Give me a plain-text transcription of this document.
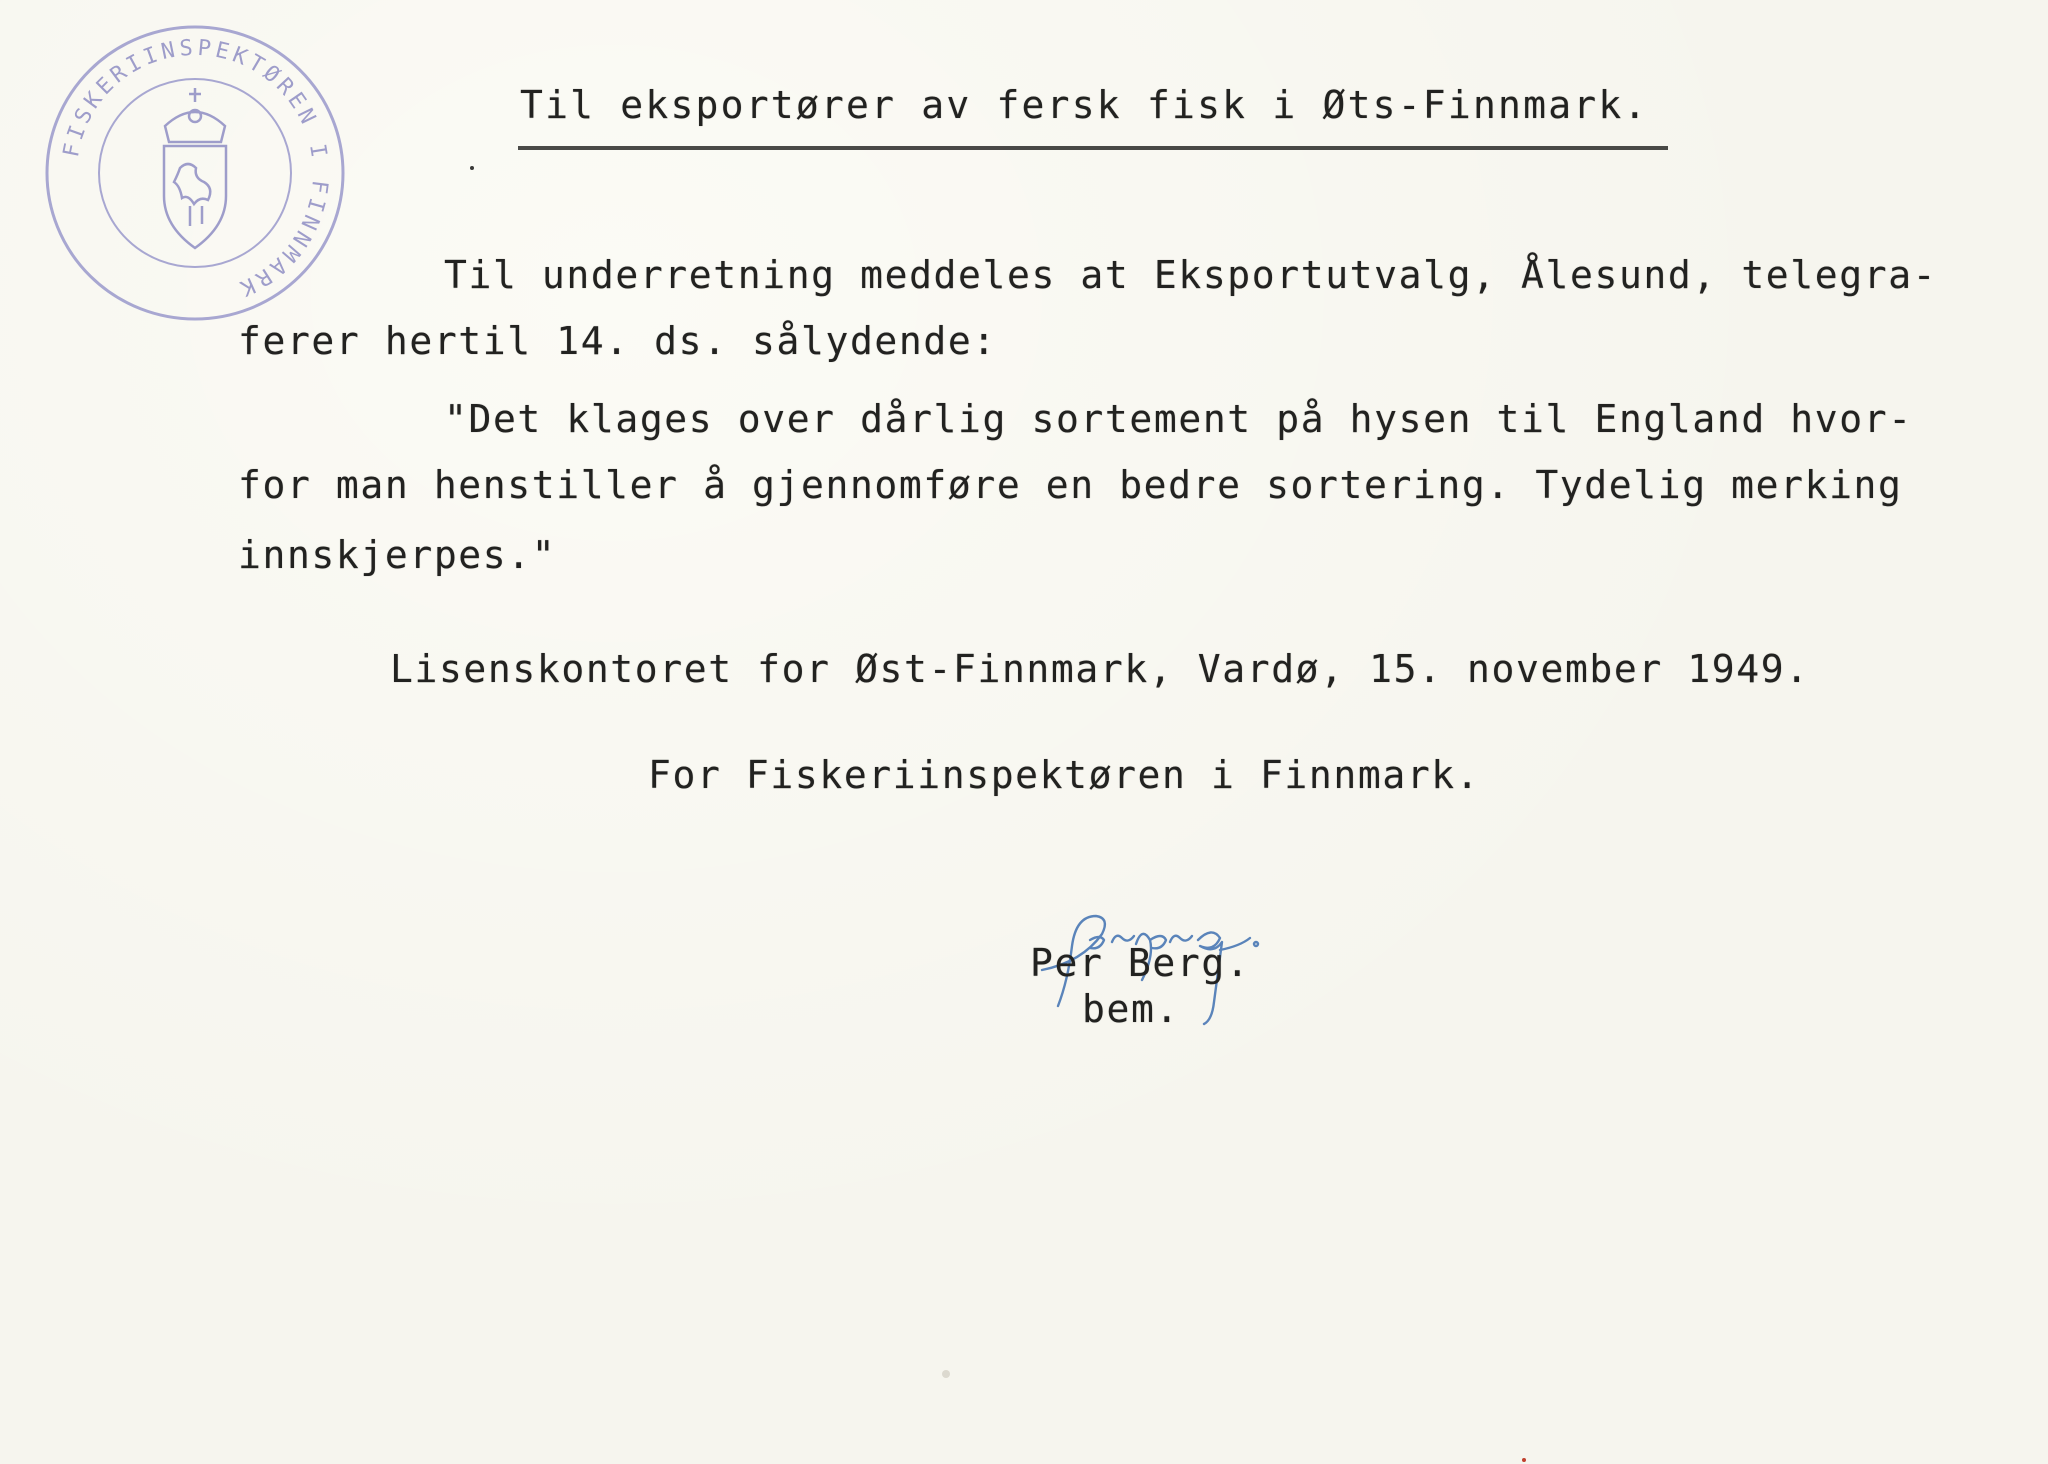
FISKERIINSPEKTØREN I FINNMARK
Til eksportører av fersk fisk i Øts-Finnmark.
Til underretning meddeles at Eksportutvalg, Ålesund, telegra-
ferer hertil 14. ds. sålydende:
"Det klages over dårlig sortement på hysen til England hvor-
for man henstiller å gjennomføre en bedre sortering. Tydelig merking
innskjerpes."
Lisenskontoret for Øst-Finnmark, Vardø, 15. november 1949.
For Fiskeriinspektøren i Finnmark.
Per Berg.
bem.
